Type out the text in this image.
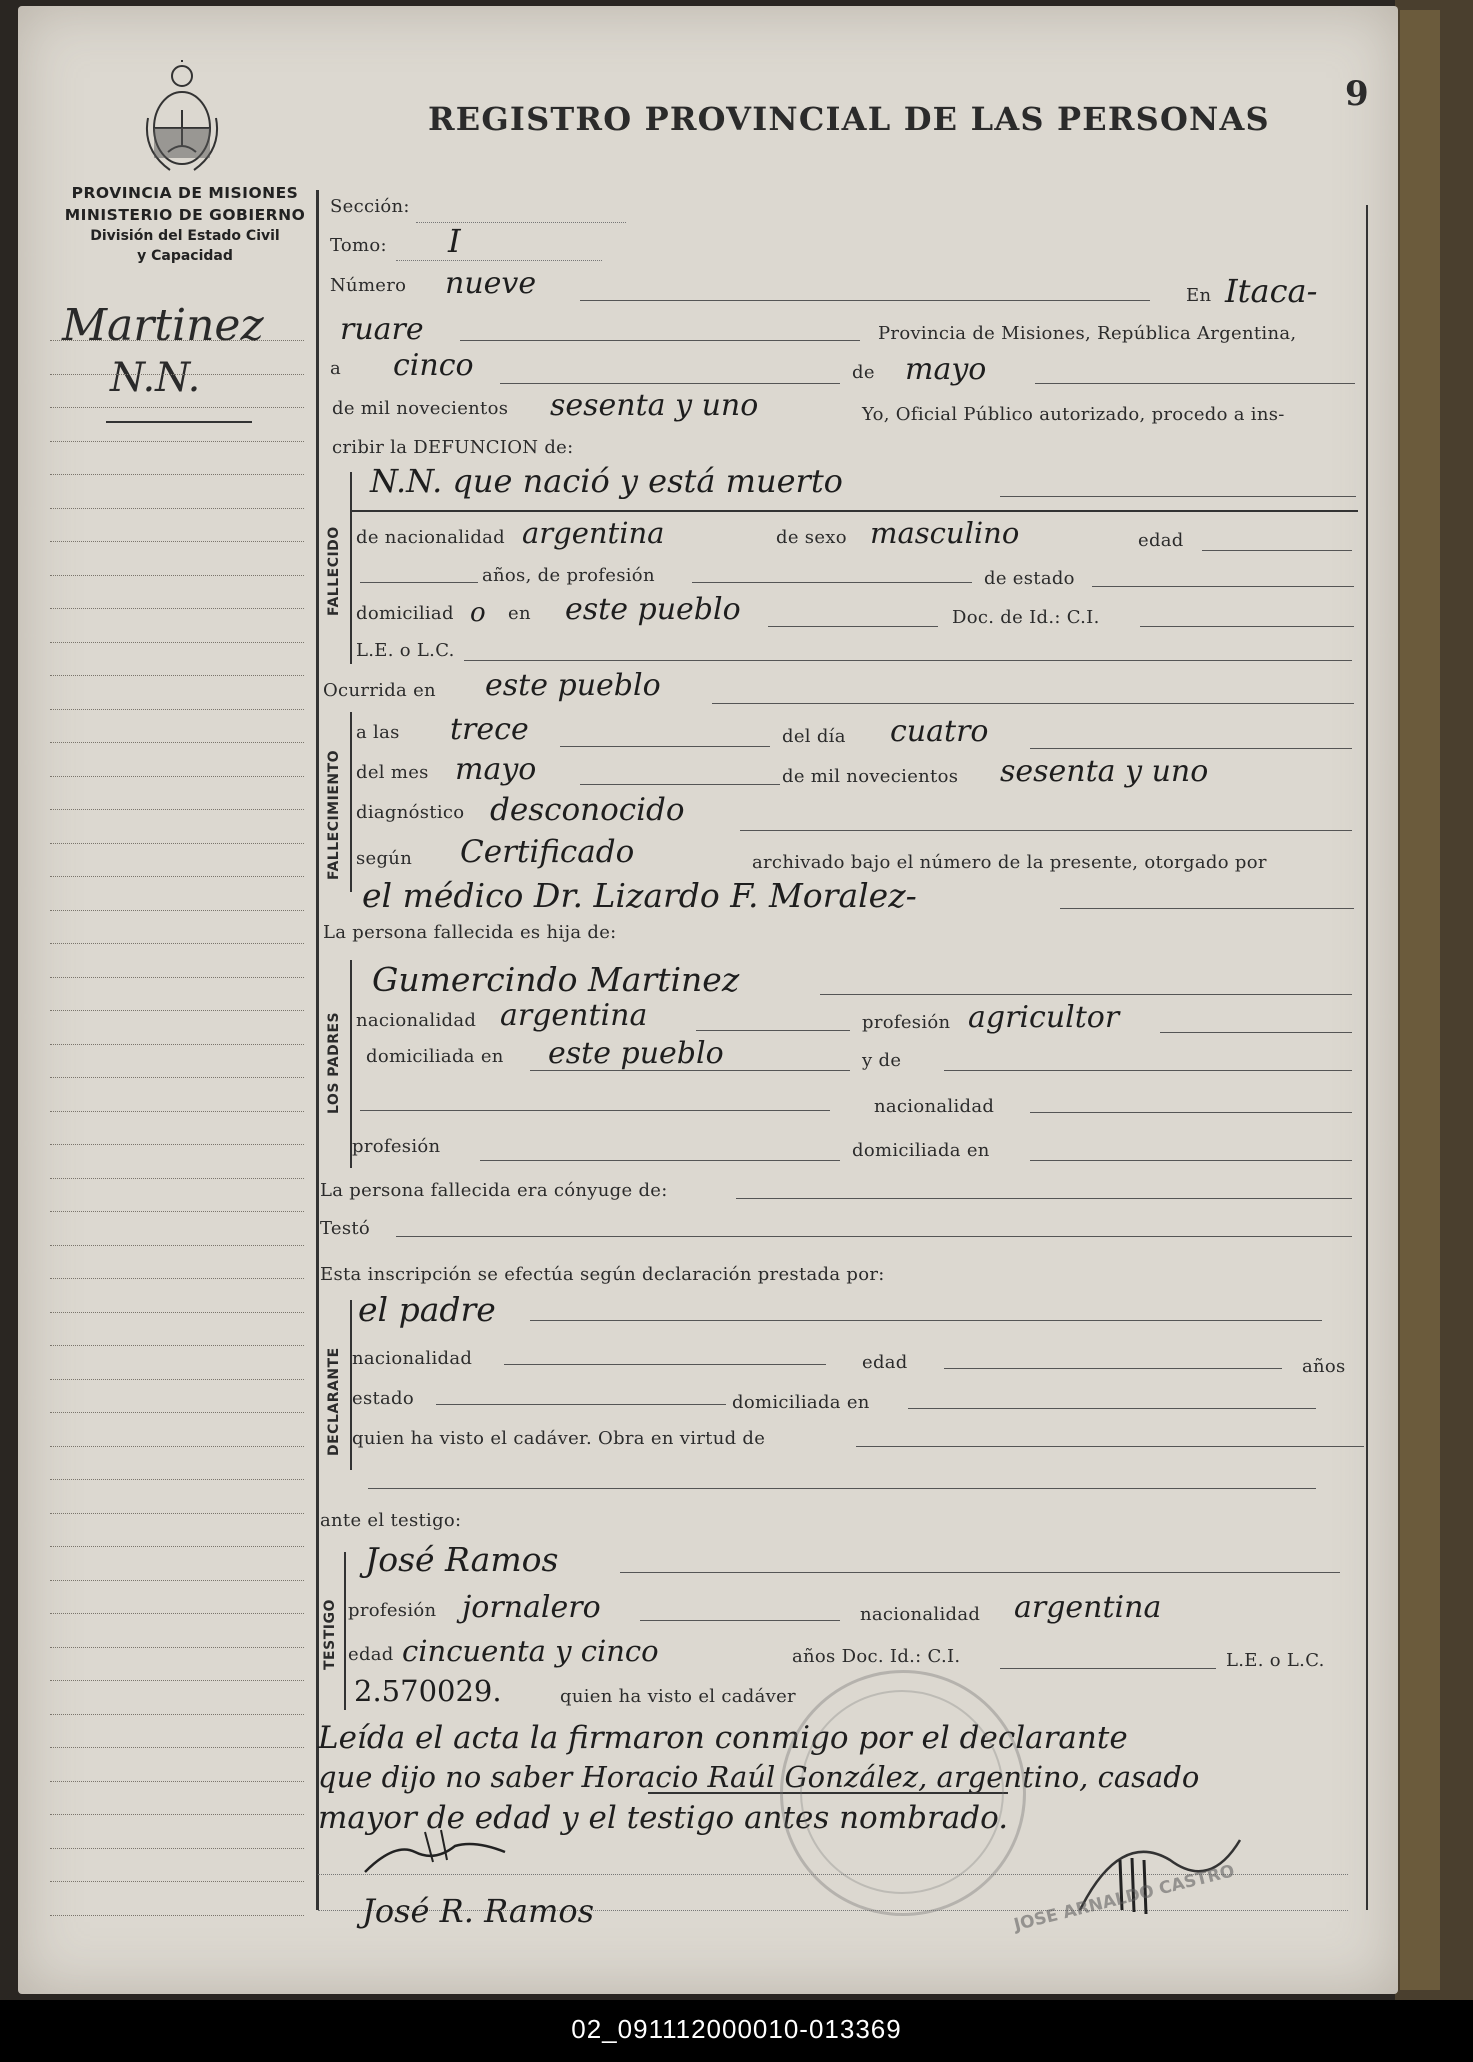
REGISTRO PROVINCIAL DE LAS PERSONAS
9
PROVINCIA DE MISIONES
MINISTERIO DE GOBIERNO
División del Estado Civil
y Capacidad
Martinez
N.N.
Sección:
Tomo: I
Número nueve	En Itaca-
ruare	Provincia de Misiones, República Argentina,
a cinco	de mayo
de mil novecientos sesenta y uno	Yo, Oficial Público autorizado, procedo a ins-
cribir la DEFUNCION de:
FALLECIDO
N.N. que nació y está muerto
de nacionalidad argentina	de sexo masculino	edad
años, de profesión	de estado
domiciliad o en este pueblo	Doc. de Id.: C.I.
L.E. o L.C.
Ocurrida en este pueblo
FALLECIMIENTO
a las trece	del día cuatro
del mes mayo	de mil novecientos sesenta y uno
diagnóstico desconocido
según Certificado	archivado bajo el número de la presente, otorgado por
el médico Dr. Lizardo F. Moralez-
La persona fallecida es hija de:
LOS PADRES
Gumercindo Martinez
nacionalidad argentina	profesión agricultor
domiciliada en este pueblo	y de
nacionalidad
profesión	domiciliada en
La persona fallecida era cónyuge de:
Testó
Esta inscripción se efectúa según declaración prestada por:
DECLARANTE
el padre
nacionalidad	edad	años
estado	domiciliada en
quien ha visto el cadáver. Obra en virtud de
ante el testigo:
TESTIGO
José Ramos
profesión jornalero	nacionalidad argentina
edad cincuenta y cinco	años Doc. Id.: C.I.	L.E. o L.C.
2.570029.	quien ha visto el cadáver
Leída el acta la firmaron conmigo por el declarante
que dijo no saber Horacio Raúl González, argentino, casado
mayor de edad y el testigo antes nombrado.
José R. Ramos	JOSE ARNALDO CASTRO
02_091112000010-013369
